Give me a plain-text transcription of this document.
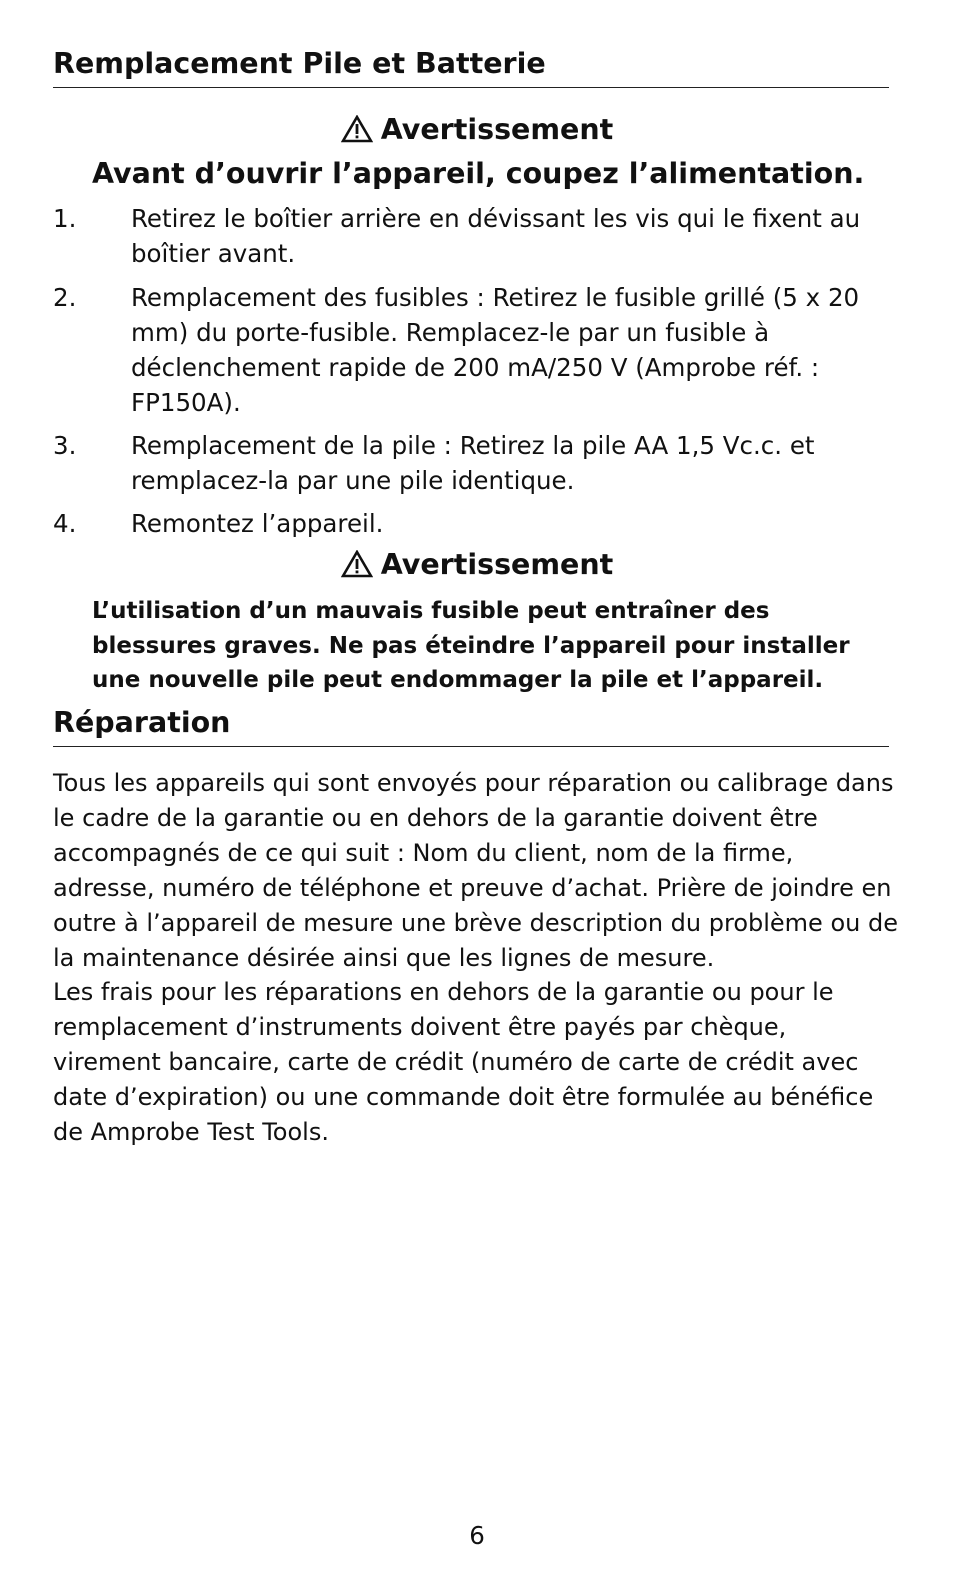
Remplacement Pile et Batterie
Avertissement
Avant d’ouvrir l’appareil, coupez l’alimentation.
1. Retirez le boîtier arrière en dévissant les vis qui le fixent au boîtier avant.
2. Remplacement des fusibles : Retirez le fusible grillé (5 x 20 mm) du porte-fusible. Remplacez-le par un fusible à déclenchement rapide de 200 mA/250 V (Amprobe réf. : FP150A).
3. Remplacement de la pile : Retirez la pile AA 1,5 Vc.c. et remplacez-la par une pile identique.
4. Remontez l’appareil.
Avertissement
L’utilisation d’un mauvais fusible peut entraîner des blessures graves. Ne pas éteindre l’appareil pour installer une nouvelle pile peut endommager la pile et l’appareil.
Réparation
Tous les appareils qui sont envoyés pour réparation ou calibrage dans le cadre de la garantie ou en dehors de la garantie doivent être accompagnés de ce qui suit : Nom du client, nom de la firme, adresse, numéro de téléphone et preuve d’achat. Prière de joindre en outre à l’appareil de mesure une brève description du problème ou de la maintenance désirée ainsi que les lignes de mesure.
Les frais pour les réparations en dehors de la garantie ou pour le remplacement d’instruments doivent être payés par chèque, virement bancaire, carte de crédit (numéro de carte de crédit avec date d’expiration) ou une commande doit être formulée au bénéfice de Amprobe Test Tools.
6
